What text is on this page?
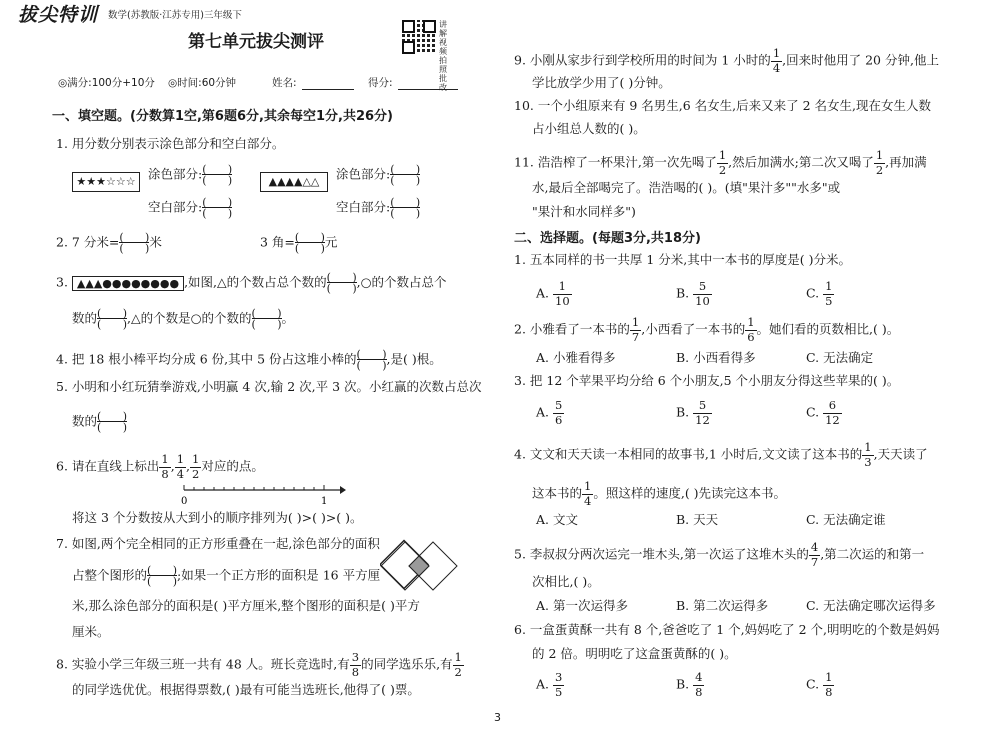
拔尖特训 数学(苏教版·江苏专用)三年级下
第七单元拔尖测评
讲解视频 拍照批改
◎满分:100分+10分 ◎时间:60分钟	姓名:	得分:
一、填空题。(分数算1空,第6题6分,其余每空1分,共26分)
1. 用分数分别表示涂色部分和空白部分。
★★★☆☆☆ 涂色部分:
( )
( )
空白部分:
( )
( )
▲▲▲▲△△	涂色部分:
( )
( )
空白部分:
( )
( )
2. 7 分米= ( ) ( ) 米	3 角= ( ) ( ) 元
3. ▲▲▲●●●●●●●● ,如图,△的个数占总个数的 ( ) ( ) ,○的个数占总个
数的 ( ) ( ) ,△的个数是○的个数的 ( ) ( ) 。
4. 把 18 根小棒平均分成 6 份,其中 5 份占这堆小棒的 ( ) ( ) ,是( )根。
5. 小明和小红玩猜拳游戏,小明赢 4 次,输 2 次,平 3 次。小红赢的次数占总次
数的
( )
( )
6. 请在直线上标出 $\frac{1}{8}$ , $\frac{1}{4}$ , $\frac{1}{2}$ 对应的点。
0	1
将这 3 个分数按从大到小的顺序排列为( )>( )>( )。
7. 如图,两个完全相同的正方形重叠在一起,涂色部分的面积
占整个图形的 ( ) ( ) ;如果一个正方形的面积是 16 平方厘
米,那么涂色部分的面积是( )平方厘米,整个图形的面积是( )平方
厘米。
8. 实验小学三年级三班一共有 48 人。班长竞选时,有 $\frac{3}{8}$ 的同学选乐乐,有 $\frac{1}{2}$
的同学选优优。根据得票数,( )最有可能当选班长,他得了( )票。
9. 小刚从家步行到学校所用的时间为 1 小时的 $\frac{1}{4}$ ,回来时他用了 20 分钟,他上
学比放学少用了( )分钟。
10. 一个小组原来有 9 名男生,6 名女生,后来又来了 2 名女生,现在女生人数
占小组总人数的( )。
11. 浩浩榨了一杯果汁,第一次先喝了 $\frac{1}{2}$ ,然后加满水;第二次又喝了 $\frac{1}{2}$ ,再加满
水,最后全部喝完了。浩浩喝的( )。(填"果汁多""水多"或
"果汁和水同样多")
二、选择题。(每题3分,共18分)
1. 五本同样的书一共厚 1 分米,其中一本书的厚度是( )分米。
A. $\frac{1}{10}$	B. $\frac{5}{10}$	C. $\frac{1}{5}$
2. 小雅看了一本书的 $\frac{1}{7}$ ,小西看了一本书的 $\frac{1}{6}$ 。她们看的页数相比,( )。
A. 小雅看得多	B. 小西看得多	C. 无法确定
3. 把 12 个苹果平均分给 6 个小朋友,5 个小朋友分得这些苹果的( )。
A. $\frac{5}{6}$	B. $\frac{5}{12}$	C. $\frac{6}{12}$
4. 文文和天天读一本相同的故事书,1 小时后,文文读了这本书的 $\frac{1}{3}$ ,天天读了
这本书的 $\frac{1}{4}$ 。照这样的速度,( )先读完这本书。
A. 文文	B. 天天	C. 无法确定谁
5. 李叔叔分两次运完一堆木头,第一次运了这堆木头的 $\frac{4}{7}$ ,第二次运的和第一
次相比,( )。
A. 第一次运得多	B. 第二次运得多	C. 无法确定哪次运得多
6. 一盒蛋黄酥一共有 8 个,爸爸吃了 1 个,妈妈吃了 2 个,明明吃的个数是妈妈
的 2 倍。明明吃了这盒蛋黄酥的( )。
A. $\frac{3}{5}$	B. $\frac{4}{8}$	C. $\frac{1}{8}$
3
